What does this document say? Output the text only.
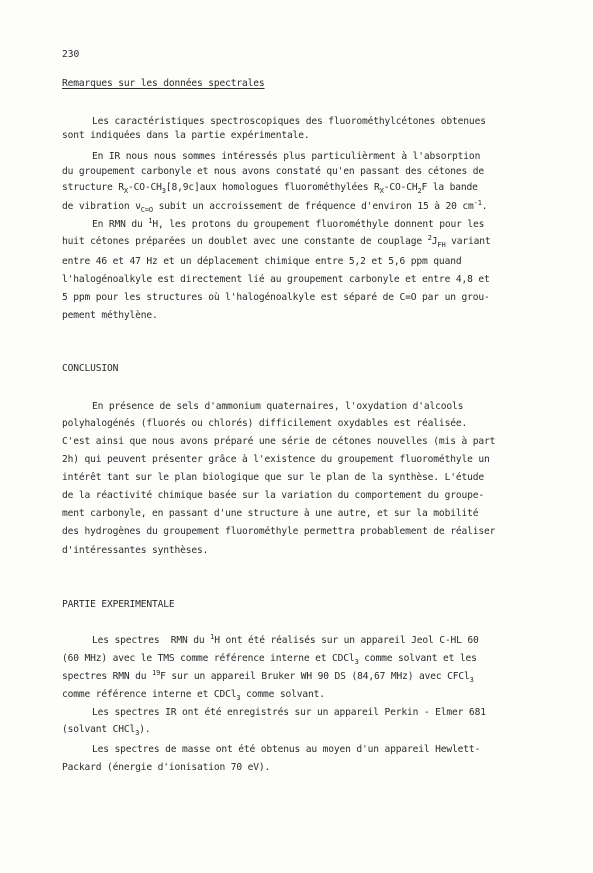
230
Remarques sur les données spectrales
Les caractéristiques spectroscopiques des fluorométhylcétones obtenues
sont indiquées dans la partie expérimentale.
En IR nous nous sommes intéressés plus particulièrment à l'absorption
du groupement carbonyle et nous avons constaté qu'en passant des cétones de
structure $R_X-CO-CH_3[8,9c]aux$ homologues fluorométhylées $R_X-CO-CH_2F$ la bande
de vibration $\nu_{C=O}$ subit un accroissement de fréquence d'environ 15 à 20 $cm^{-1}$.
En RMN du $^1$H, les protons du groupement fluorométhyle donnent pour les
huit cétones préparées un doublet avec une constante de couplage $^2J_{FH}$ variant
entre 46 et 47 Hz et un déplacement chimique entre 5,2 et 5,6 ppm quand
l'halogénoalkyle est directement lié au groupement carbonyle et entre 4,8 et
5 ppm pour les structures où l'halogénoalkyle est séparé de C=O par un grou-
pement méthylène.
CONCLUSION
En présence de sels d'ammonium quaternaires, l'oxydation d'alcools
polyhalogénés (fluorés ou chlorés) difficilement oxydables est réalisée.
C'est ainsi que nous avons préparé une série de cétones nouvelles (mis à part
2h) qui peuvent présenter grâce à l'existence du groupement fluorométhyle un
intérêt tant sur le plan biologique que sur le plan de la synthèse. L'étude
de la réactivité chimique basée sur la variation du comportement du groupe-
ment carbonyle, en passant d'une structure à une autre, et sur la mobilité
des hydrogènes du groupement fluorométhyle permettra probablement de réaliser
d'intéressantes synthèses.
PARTIE EXPERIMENTALE
Les spectres  RMN du $^1$H ont été réalisés sur un appareil Jeol C-HL 60
(60 MHz) avec le TMS comme référence interne et CDCl$_3$ comme solvant et les
spectres RMN du $^{19}$F sur un appareil Bruker WH 90 DS (84,67 MHz) avec CFCl$_3$
comme référence interne et CDCl$_3$ comme solvant.
Les spectres IR ont été enregistrés sur un appareil Perkin - Elmer 681
(solvant CHCl$_3$).
Les spectres de masse ont été obtenus au moyen d'un appareil Hewlett-
Packard (énergie d'ionisation 70 eV).
